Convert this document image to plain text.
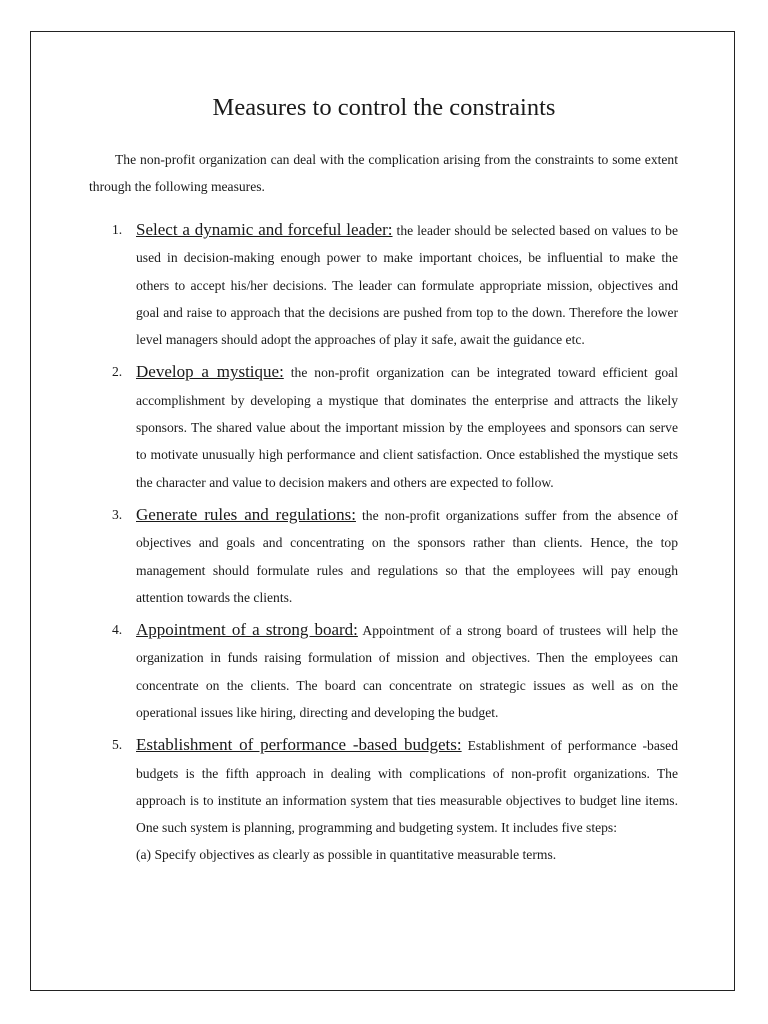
Measures to control the constraints

The non-profit organization can deal with the complication arising from the constraints to some extent through the following measures.

1. Select a dynamic and forceful leader: the leader should be selected based on values to be used in decision-making enough power to make important choices, be influential to make the others to accept his/her decisions. The leader can formulate appropriate mission, objectives and goal and raise to approach that the decisions are pushed from top to the down. Therefore the lower level managers should adopt the approaches of play it safe, await the guidance etc.
2. Develop a mystique: the non-profit organization can be integrated toward efficient goal accomplishment by developing a mystique that dominates the enterprise and attracts the likely sponsors. The shared value about the important mission by the employees and sponsors can serve to motivate unusually high performance and client satisfaction. Once established the mystique sets the character and value to decision makers and others are expected to follow.
3. Generate rules and regulations: the non-profit organizations suffer from the absence of objectives and goals and concentrating on the sponsors rather than clients. Hence, the top management should formulate rules and regulations so that the employees will pay enough attention towards the clients.
4. Appointment of a strong board: Appointment of a strong board of trustees will help the organization in funds raising formulation of mission and objectives. Then the employees can concentrate on the clients. The board can concentrate on strategic issues as well as on the operational issues like hiring, directing and developing the budget.
5. Establishment of performance -based budgets: Establishment of performance -based budgets is the fifth approach in dealing with complications of non-profit organizations. The approach is to institute an information system that ties measurable objectives to budget line items. One such system is planning, programming and budgeting system. It includes five steps:
(a) Specify objectives as clearly as possible in quantitative measurable terms.
